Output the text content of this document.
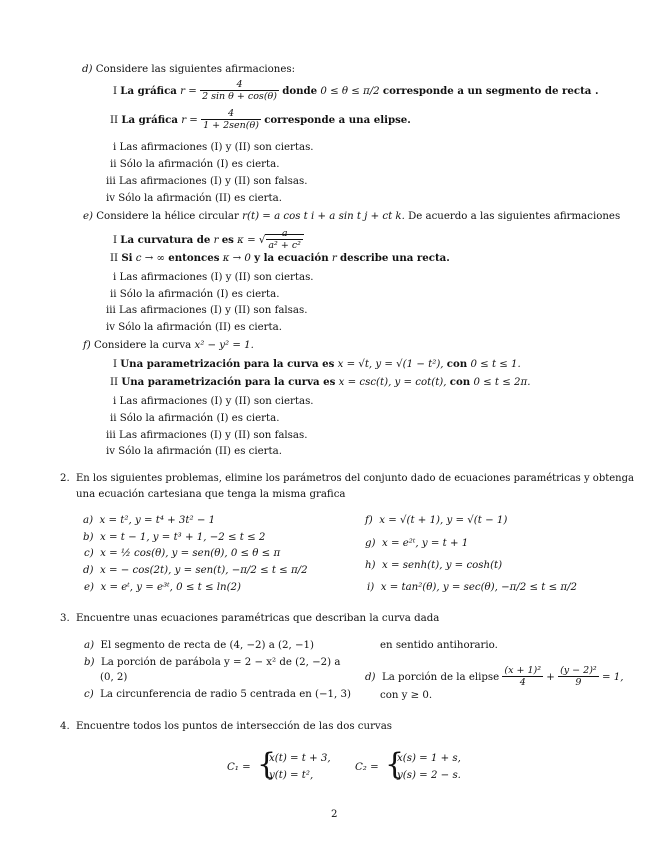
d) Considere las siguientes afirmaciones:
I La gráfica $r = \frac{4}{\text{2 sin θ + cos(θ)}}$ donde 0 ≤ θ ≤ π/2 corresponde a un segmento de recta .
II La gráfica $r = \frac{4}{\text{1 + 2sen(θ)}}$ corresponde a una elipse.
i Las afirmaciones (I) y (II) son ciertas.
ii Sólo la afirmación (I) es cierta.
iii Las afirmaciones (I) y (II) son falsas.
iv Sólo la afirmación (II) es cierta.
e) Considere la hélice circular r(t) = a cos t i + a sin t j + ct k. De acuerdo a las siguientes afirmaciones
I La curvatura de r es κ = √ $\frac{a}{\text{a² + c²}}$
II Si c → ∞ entonces κ → 0 y la ecuación r describe una recta.
i Las afirmaciones (I) y (II) son ciertas.
ii Sólo la afirmación (I) es cierta.
iii Las afirmaciones (I) y (II) son falsas.
iv Sólo la afirmación (II) es cierta.
f) Considere la curva x² − y² = 1.
I Una parametrización para la curva es x = √t, y = √(1 − t²), con 0 ≤ t ≤ 1.
II Una parametrización para la curva es x = csc(t), y = cot(t), con 0 ≤ t ≤ 2π.
i Las afirmaciones (I) y (II) son ciertas.
ii Sólo la afirmación (I) es cierta.
iii Las afirmaciones (I) y (II) son falsas.
iv Sólo la afirmación (II) es cierta.
2. En los siguientes problemas, elimine los parámetros del conjunto dado de ecuaciones paramétricas y obtenga
una ecuación cartesiana que tenga la misma grafica
a) x = t², y = t⁴ + 3t² − 1
b) x = t − 1, y = t³ + 1, −2 ≤ t ≤ 2
c) x = ½ cos(θ), y = sen(θ), 0 ≤ θ ≤ π
d) x = − cos(2t), y = sen(t), −π/2 ≤ t ≤ π/2
e) x = eᵗ, y = e³ᵗ, 0 ≤ t ≤ ln(2)
f) x = √(t + 1), y = √(t − 1)
g) x = e²ᵗ, y = t + 1
h) x = senh(t), y = cosh(t)
i) x = tan²(θ), y = sec(θ), −π/2 ≤ t ≤ π/2
3. Encuentre unas ecuaciones paramétricas que describan la curva dada
a) El segmento de recta de (4, −2) a (2, −1)
b) La porción de parábola y = 2 − x² de (2, −2) a
(0, 2)
c) La circunferencia de radio 5 centrada en (−1, 3)
en sentido antihorario.
d) La porción de la elipse $\frac{\text{(x + 1)²}}{4} + \frac{\text{(y − 2)²}}{9} = 1$,
con y ≥ 0.
4. Encuentre todos los puntos de intersección de las dos curvas
C₁ = {
x(t) = t + 3,
y(t) = t²,
C₂ = {
x(s) = 1 + s,
y(s) = 2 − s.
2
